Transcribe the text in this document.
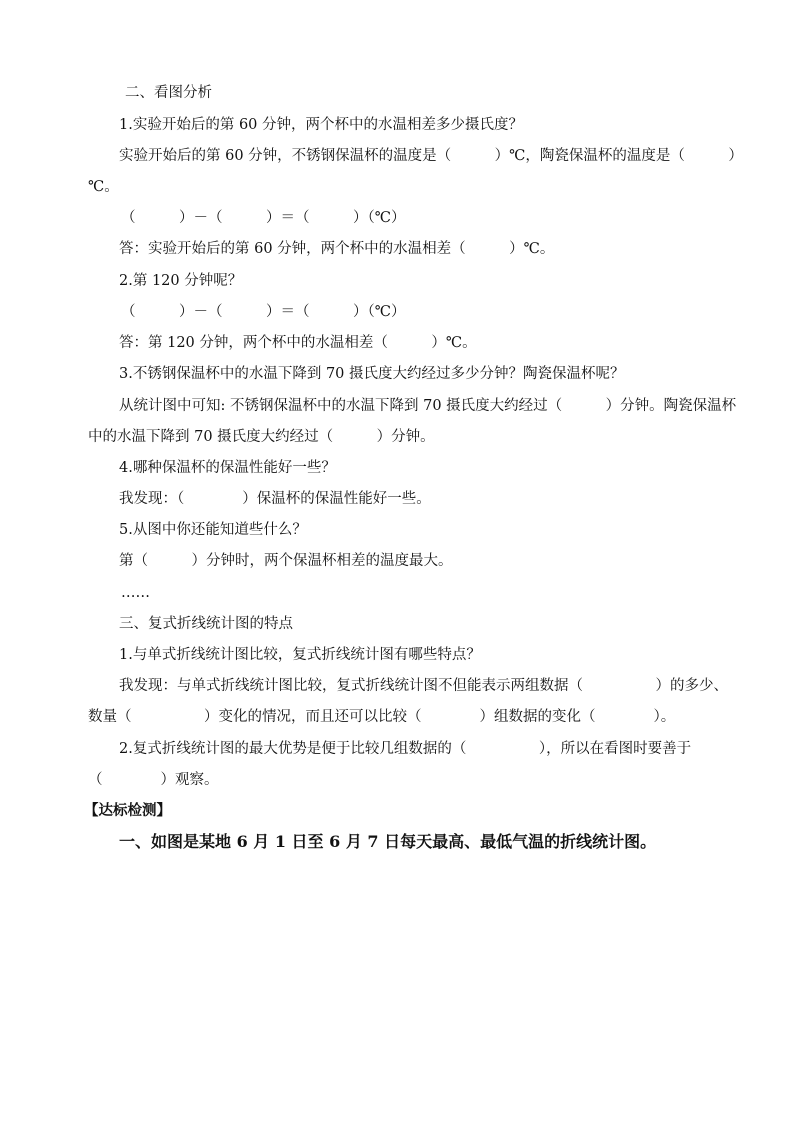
二、看图分析
1.实验开始后的第 60 分钟，两个杯中的水温相差多少摄氏度？
实验开始后的第 60 分钟，不锈钢保温杯的温度是（　　　）℃，陶瓷保温杯的温度是（　　　）
℃。
（　　　）－（　　　）＝（　　　）（℃）
答：实验开始后的第 60 分钟，两个杯中的水温相差（　　　）℃。
2.第 120 分钟呢？
（　　　）－（　　　）＝（　　　）（℃）
答：第 120 分钟，两个杯中的水温相差（　　　）℃。
3.不锈钢保温杯中的水温下降到 70 摄氏度大约经过多少分钟？陶瓷保温杯呢？
从统计图中可知: 不锈钢保温杯中的水温下降到 70 摄氏度大约经过（　　　）分钟。陶瓷保温杯
中的水温下降到 70 摄氏度大约经过（　　　）分钟。
4.哪种保温杯的保温性能好一些？
我发现：（　　　　）保温杯的保温性能好一些。
5.从图中你还能知道些什么？
第（　　　）分钟时，两个保温杯相差的温度最大。
……
三、复式折线统计图的特点
1.与单式折线统计图比较，复式折线统计图有哪些特点？
我发现：与单式折线统计图比较，复式折线统计图不但能表示两组数据（　　　　　）的多少、
数量（　　　　　）变化的情况，而且还可以比较（　　　　）组数据的变化（　　　　）。
2.复式折线统计图的最大优势是便于比较几组数据的（　　　　　），所以在看图时要善于
（　　　　）观察。
【达标检测】
一、如图是某地 6 月 1 日至 6 月 7 日每天最高、最低气温的折线统计图。
